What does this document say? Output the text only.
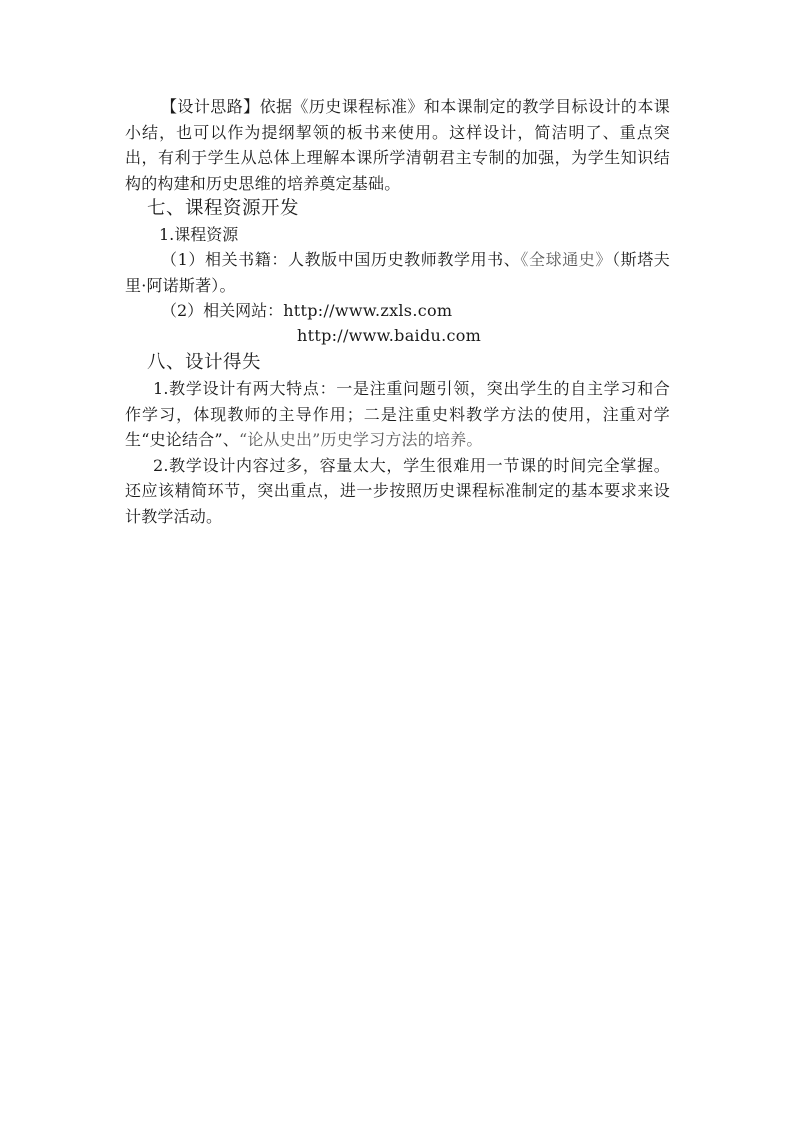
【设计思路】依据《历史课程标准》和本课制定的教学目标设计的本课小结，也可以作为提纲挈领的板书来使用。这样设计，简洁明了、重点突出，有利于学生从总体上理解本课所学清朝君主专制的加强，为学生知识结构的构建和历史思维的培养奠定基础。

七、课程资源开发

1.课程资源

（1）相关书籍：人教版中国历史教师教学用书、《全球通史》（斯塔夫里·阿诺斯著）。

（2）相关网站：http://www.zxls.com

http://www.baidu.com

八、设计得失

1.教学设计有两大特点：一是注重问题引领，突出学生的自主学习和合作学习，体现教师的主导作用；二是注重史料教学方法的使用，注重对学生“史论结合”、“论从史出”历史学习方法的培养。

2.教学设计内容过多，容量太大，学生很难用一节课的时间完全掌握。还应该精简环节，突出重点，进一步按照历史课程标准制定的基本要求来设计教学活动。
